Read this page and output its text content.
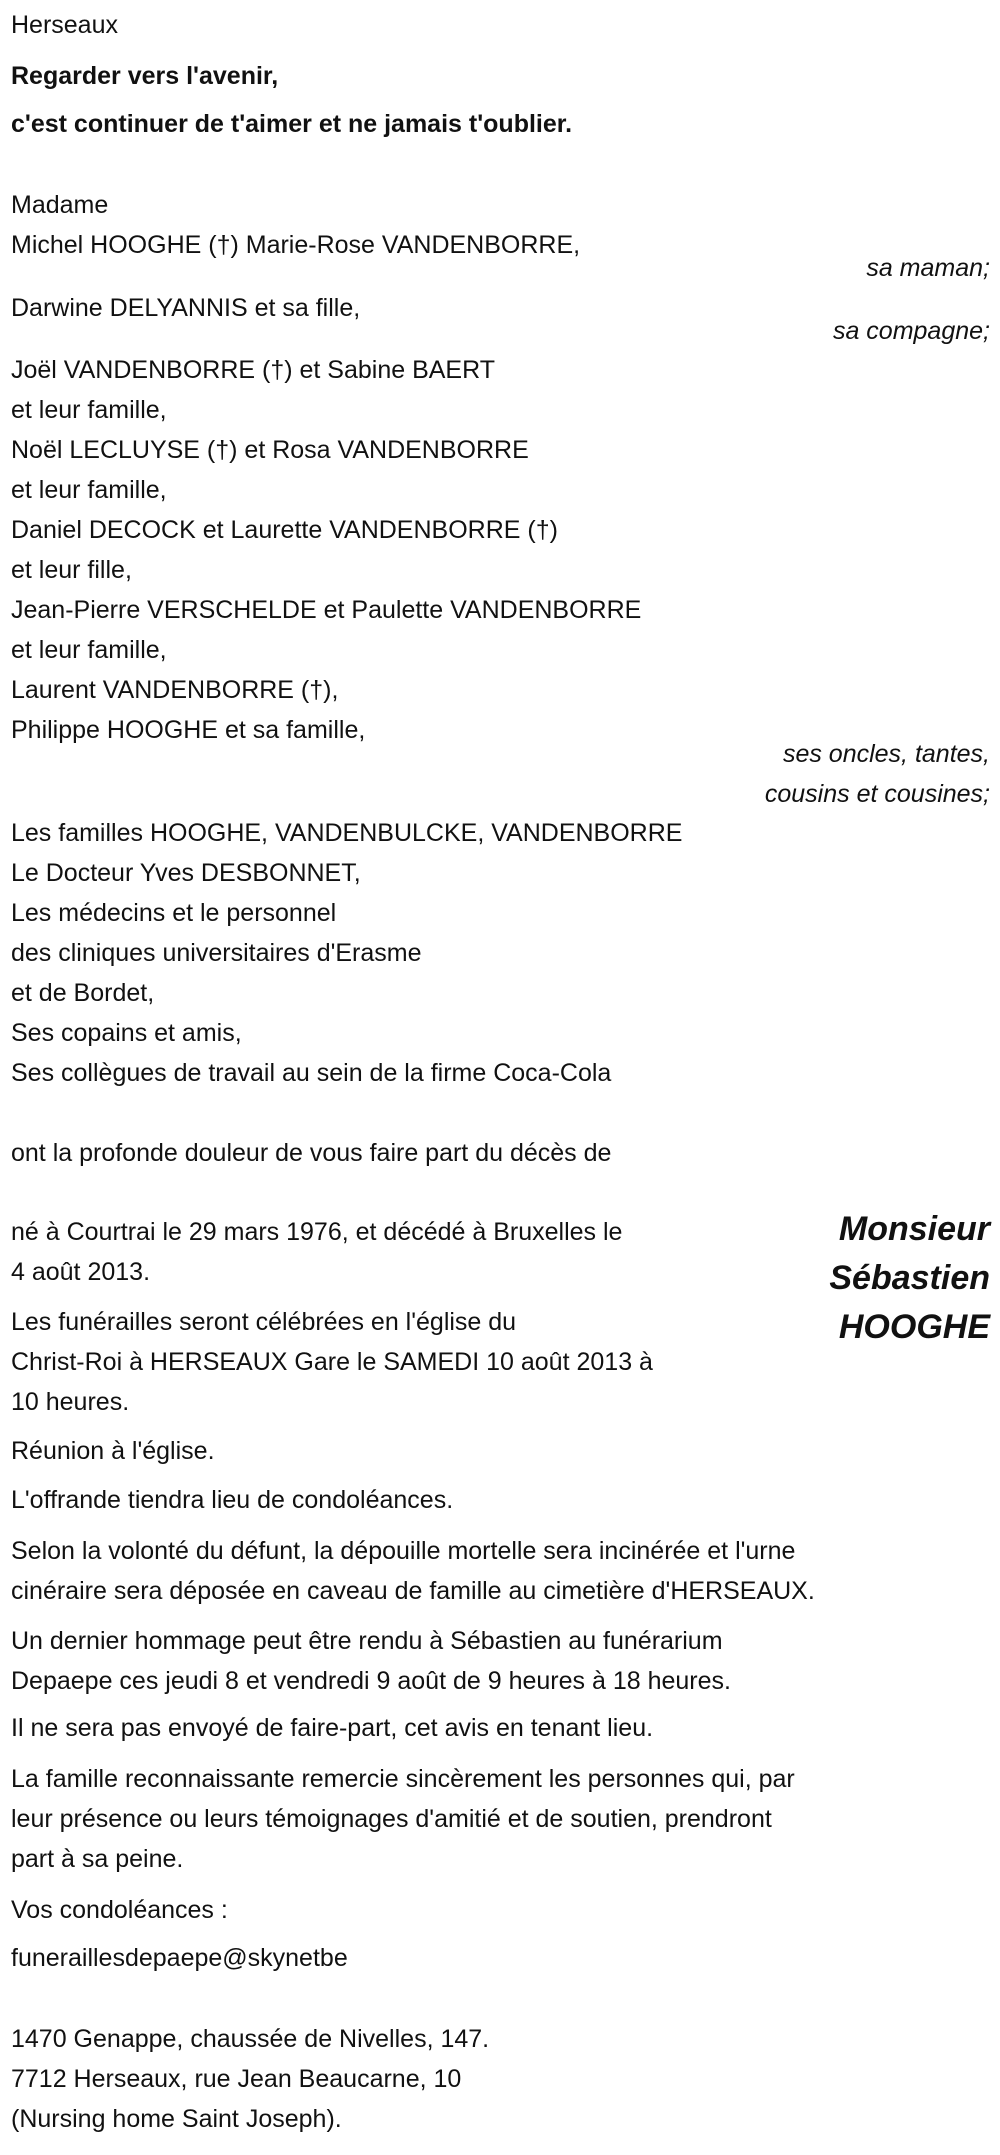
Herseaux
Regarder vers l'avenir,
c'est continuer de t'aimer et ne jamais t'oublier.
Madame
Michel HOOGHE (†) Marie-Rose VANDENBORRE,
sa maman;
Darwine DELYANNIS et sa fille,
sa compagne;
Joël VANDENBORRE (†) et Sabine BAERT
et leur famille,
Noël LECLUYSE (†) et Rosa VANDENBORRE
et leur famille,
Daniel DECOCK et Laurette VANDENBORRE (†)
et leur fille,
Jean-Pierre VERSCHELDE et Paulette VANDENBORRE
et leur famille,
Laurent VANDENBORRE (†),
Philippe HOOGHE et sa famille,
ses oncles, tantes,
cousins et cousines;
Les familles HOOGHE, VANDENBULCKE, VANDENBORRE
Le Docteur Yves DESBONNET,
Les médecins et le personnel
des cliniques universitaires d'Erasme
et de Bordet,
Ses copains et amis,
Ses collègues de travail au sein de la firme Coca-Cola
ont la profonde douleur de vous faire part du décès de
Monsieur
Sébastien
HOOGHE
né à Courtrai le 29 mars 1976, et décédé à Bruxelles le
4 août 2013.
Les funérailles seront célébrées en l'église du
Christ-Roi à HERSEAUX Gare le SAMEDI 10 août 2013 à
10 heures.
Réunion à l'église.
L'offrande tiendra lieu de condoléances.
Selon la volonté du défunt, la dépouille mortelle sera incinérée et l'urne
cinéraire sera déposée en caveau de famille au cimetière d'HERSEAUX.
Un dernier hommage peut être rendu à Sébastien au funérarium
Depaepe ces jeudi 8 et vendredi 9 août de 9 heures à 18 heures.
Il ne sera pas envoyé de faire-part, cet avis en tenant lieu.
La famille reconnaissante remercie sincèrement les personnes qui, par
leur présence ou leurs témoignages d'amitié et de soutien, prendront
part à sa peine.
Vos condoléances :
funeraillesdepaepe@skynetbe
1470 Genappe, chaussée de Nivelles, 147.
7712 Herseaux, rue Jean Beaucarne, 10
(Nursing home Saint Joseph).
